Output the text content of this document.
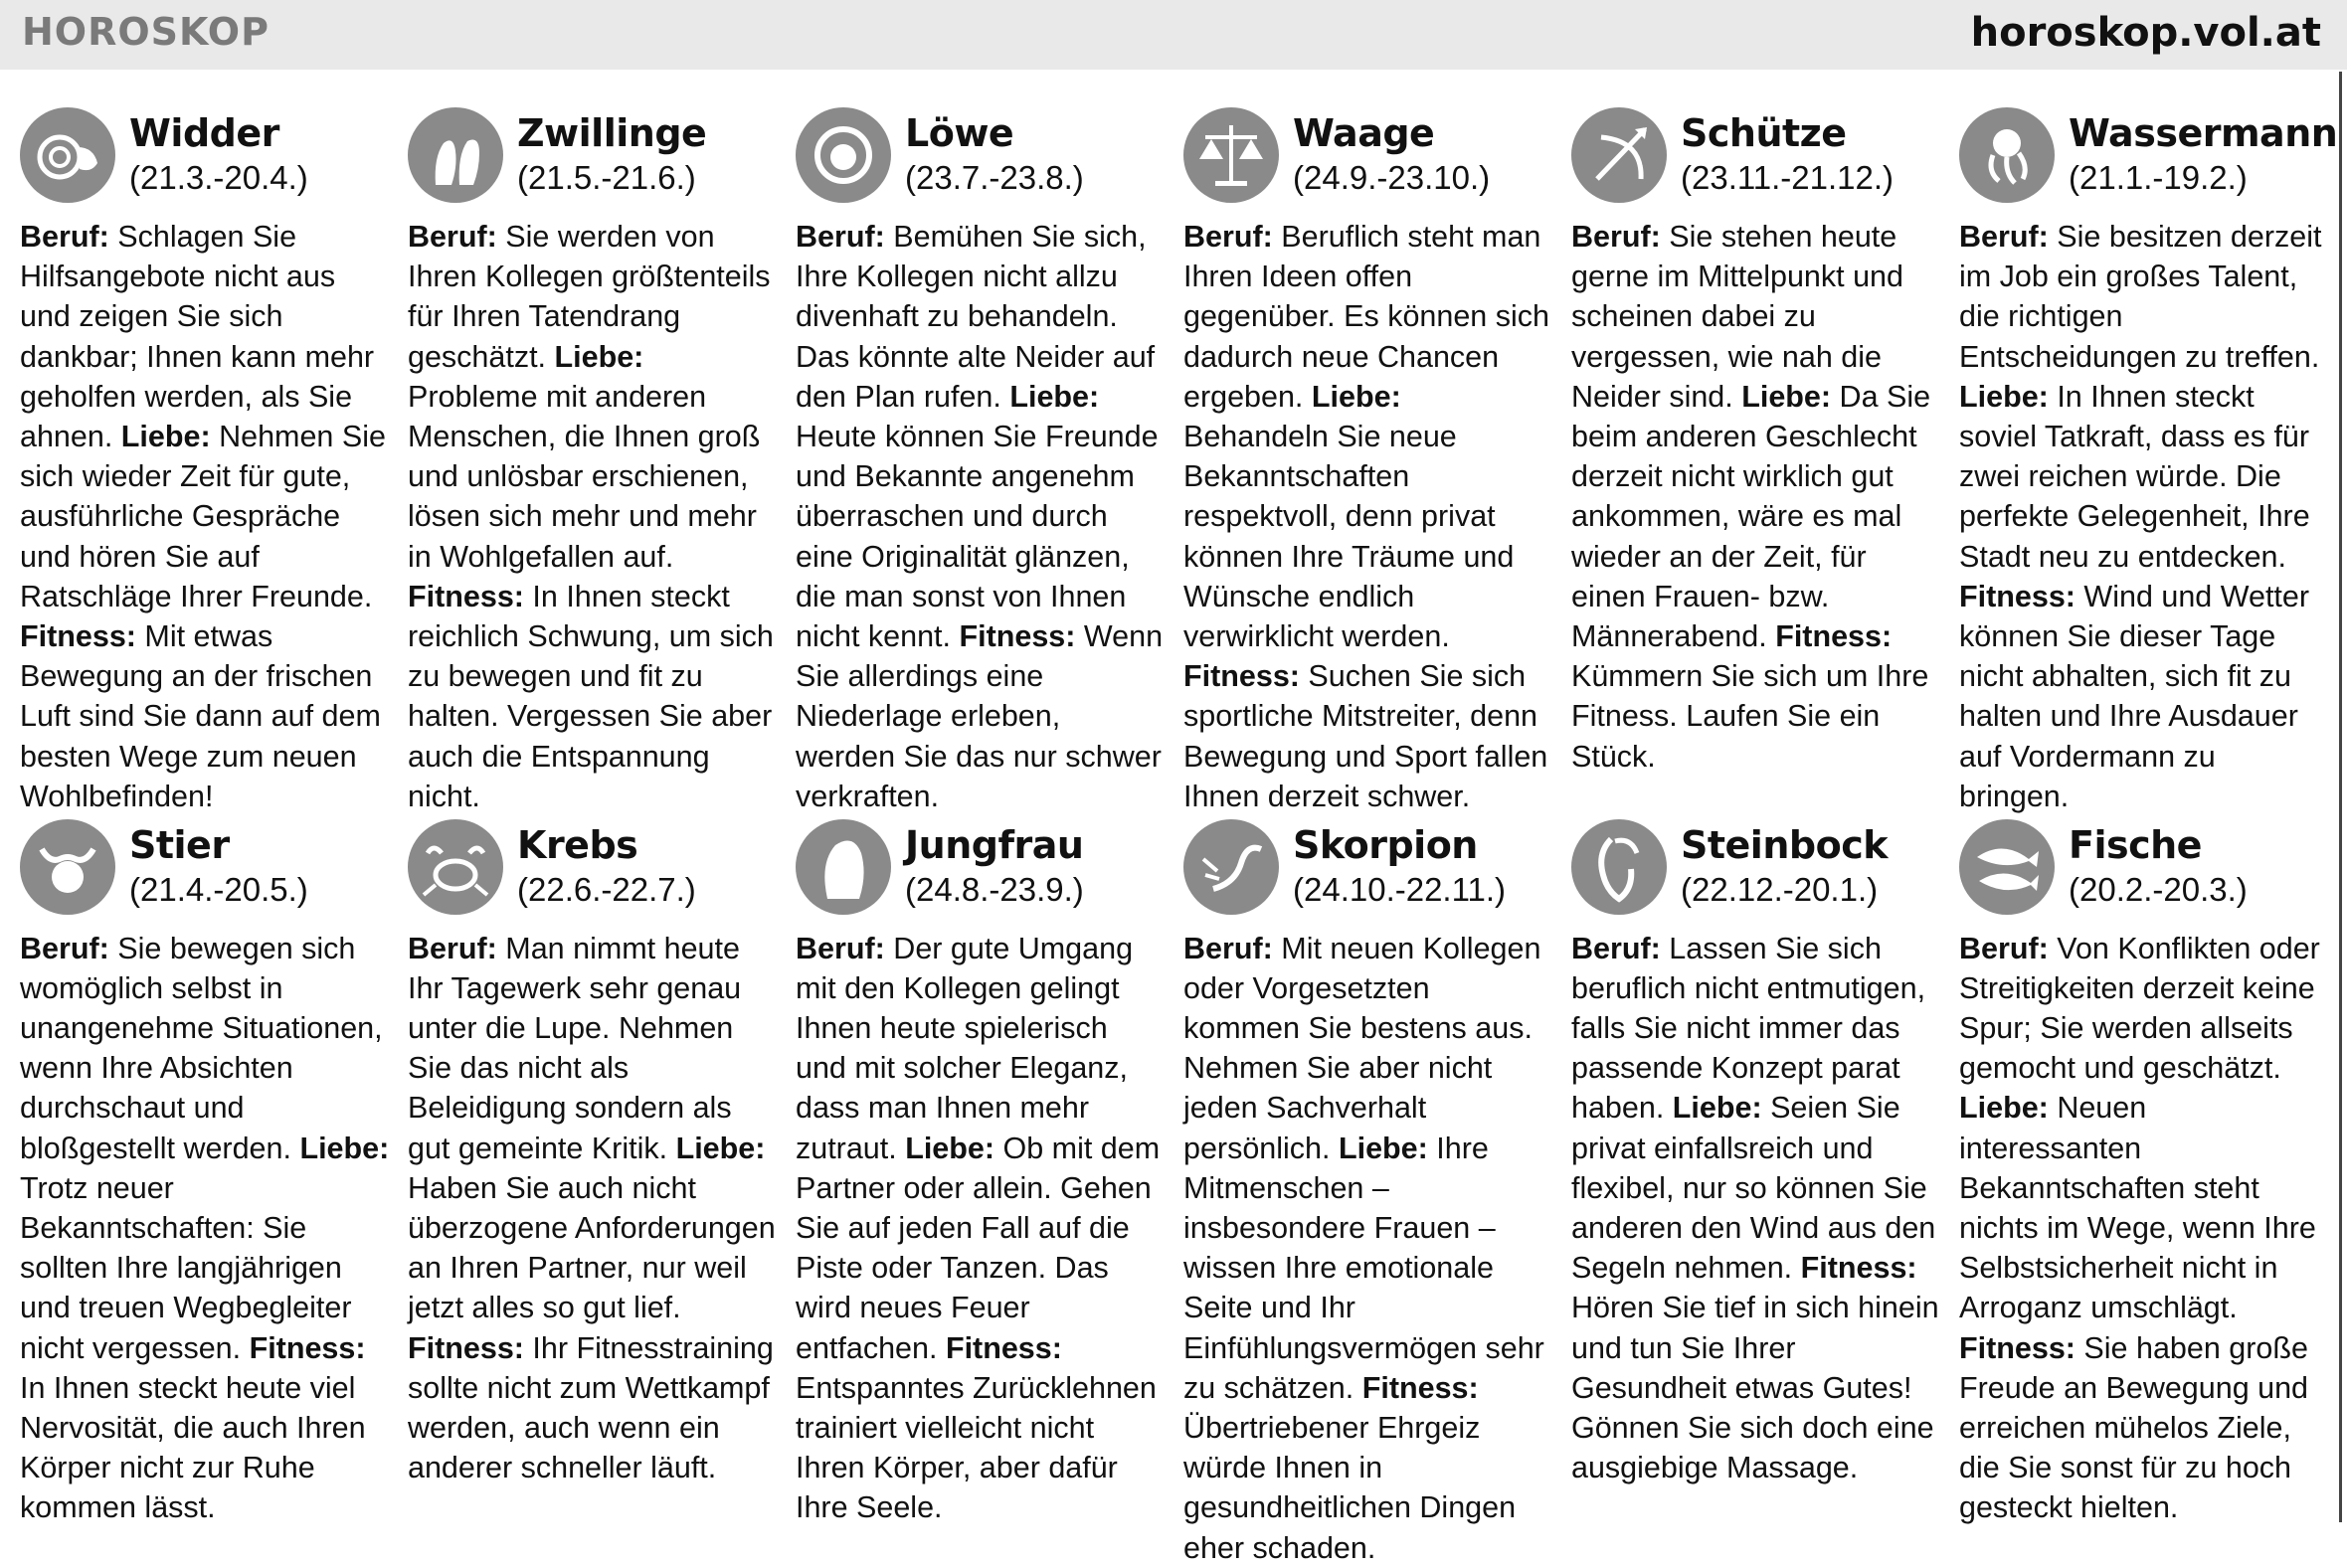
HOROSKOP	horoskop.vol.at
Widder
(21.3.-20.4.)
Beruf: Schlagen Sie Hilfsangebote nicht aus und zeigen Sie sich dankbar; Ihnen kann mehr geholfen werden, als Sie ahnen. Liebe: Nehmen Sie sich wieder Zeit für gute, ausführliche Gespräche und hören Sie auf Ratschläge Ihrer Freunde. Fitness: Mit etwas Bewegung an der frischen Luft sind Sie dann auf dem besten Wege zum neuen Wohlbefinden!
Zwillinge
(21.5.-21.6.)
Beruf: Sie werden von Ihren Kollegen größtenteils für Ihren Tatendrang geschätzt. Liebe: Probleme mit anderen Menschen, die Ihnen groß und unlösbar erschienen, lösen sich mehr und mehr in Wohlgefallen auf. Fitness: In Ihnen steckt reichlich Schwung, um sich zu bewegen und fit zu halten. Vergessen Sie aber auch die Entspannung nicht.
Löwe
(23.7.-23.8.)
Beruf: Bemühen Sie sich, Ihre Kollegen nicht allzu divenhaft zu behandeln. Das könnte alte Neider auf den Plan rufen. Liebe: Heute können Sie Freunde und Bekannte angenehm überraschen und durch eine Originalität glänzen, die man sonst von Ihnen nicht kennt. Fitness: Wenn Sie allerdings eine Niederlage erleben, werden Sie das nur schwer verkraften.
Waage
(24.9.-23.10.)
Beruf: Beruflich steht man Ihren Ideen offen gegenüber. Es können sich dadurch neue Chancen ergeben. Liebe: Behandeln Sie neue Bekanntschaften respektvoll, denn privat können Ihre Träume und Wünsche endlich verwirklicht werden. Fitness: Suchen Sie sich sportliche Mitstreiter, denn Bewegung und Sport fallen Ihnen derzeit schwer.
Schütze
(23.11.-21.12.)
Beruf: Sie stehen heute gerne im Mittelpunkt und scheinen dabei zu vergessen, wie nah die Neider sind. Liebe: Da Sie beim anderen Geschlecht derzeit nicht wirklich gut ankommen, wäre es mal wieder an der Zeit, für einen Frauen- bzw. Männerabend. Fitness: Kümmern Sie sich um Ihre Fitness. Laufen Sie ein Stück.
Wassermann
(21.1.-19.2.)
Beruf: Sie besitzen derzeit im Job ein großes Talent, die richtigen Entscheidungen zu treffen. Liebe: In Ihnen steckt soviel Tatkraft, dass es für zwei reichen würde. Die perfekte Gelegenheit, Ihre Stadt neu zu entdecken. Fitness: Wind und Wetter können Sie dieser Tage nicht abhalten, sich fit zu halten und Ihre Ausdauer auf Vordermann zu bringen.
Stier
(21.4.-20.5.)
Beruf: Sie bewegen sich womöglich selbst in unangenehme Situationen, wenn Ihre Absichten durchschaut und bloßgestellt werden. Liebe: Trotz neuer Bekanntschaften: Sie sollten Ihre langjährigen und treuen Wegbegleiter nicht vergessen. Fitness: In Ihnen steckt heute viel Nervosität, die auch Ihren Körper nicht zur Ruhe kommen lässt.
Krebs
(22.6.-22.7.)
Beruf: Man nimmt heute Ihr Tagewerk sehr genau unter die Lupe. Nehmen Sie das nicht als Beleidigung sondern als gut gemeinte Kritik. Liebe: Haben Sie auch nicht überzogene Anforderungen an Ihren Partner, nur weil jetzt alles so gut lief. Fitness: Ihr Fitnesstraining sollte nicht zum Wettkampf werden, auch wenn ein anderer schneller läuft.
Jungfrau
(24.8.-23.9.)
Beruf: Der gute Umgang mit den Kollegen gelingt Ihnen heute spielerisch und mit solcher Eleganz, dass man Ihnen mehr zutraut. Liebe: Ob mit dem Partner oder allein. Gehen Sie auf jeden Fall auf die Piste oder Tanzen. Das wird neues Feuer entfachen. Fitness: Entspanntes Zurücklehnen trainiert vielleicht nicht Ihren Körper, aber dafür Ihre Seele.
Skorpion
(24.10.-22.11.)
Beruf: Mit neuen Kollegen oder Vorgesetzten kommen Sie bestens aus. Nehmen Sie aber nicht jeden Sachverhalt persönlich. Liebe: Ihre Mitmenschen – insbesondere Frauen – wissen Ihre emotionale Seite und Ihr Einfühlungsvermögen sehr zu schätzen. Fitness: Übertriebener Ehrgeiz würde Ihnen in gesundheitlichen Dingen eher schaden.
Steinbock
(22.12.-20.1.)
Beruf: Lassen Sie sich beruflich nicht entmutigen, falls Sie nicht immer das passende Konzept parat haben. Liebe: Seien Sie privat einfallsreich und flexibel, nur so können Sie anderen den Wind aus den Segeln nehmen. Fitness: Hören Sie tief in sich hinein und tun Sie Ihrer Gesundheit etwas Gutes! Gönnen Sie sich doch eine ausgiebige Massage.
Fische
(20.2.-20.3.)
Beruf: Von Konflikten oder Streitigkeiten derzeit keine Spur; Sie werden allseits gemocht und geschätzt. Liebe: Neuen interessanten Bekanntschaften steht nichts im Wege, wenn Ihre Selbstsicherheit nicht in Arroganz umschlägt. Fitness: Sie haben große Freude an Bewegung und erreichen mühelos Ziele, die Sie sonst für zu hoch gesteckt hielten.
